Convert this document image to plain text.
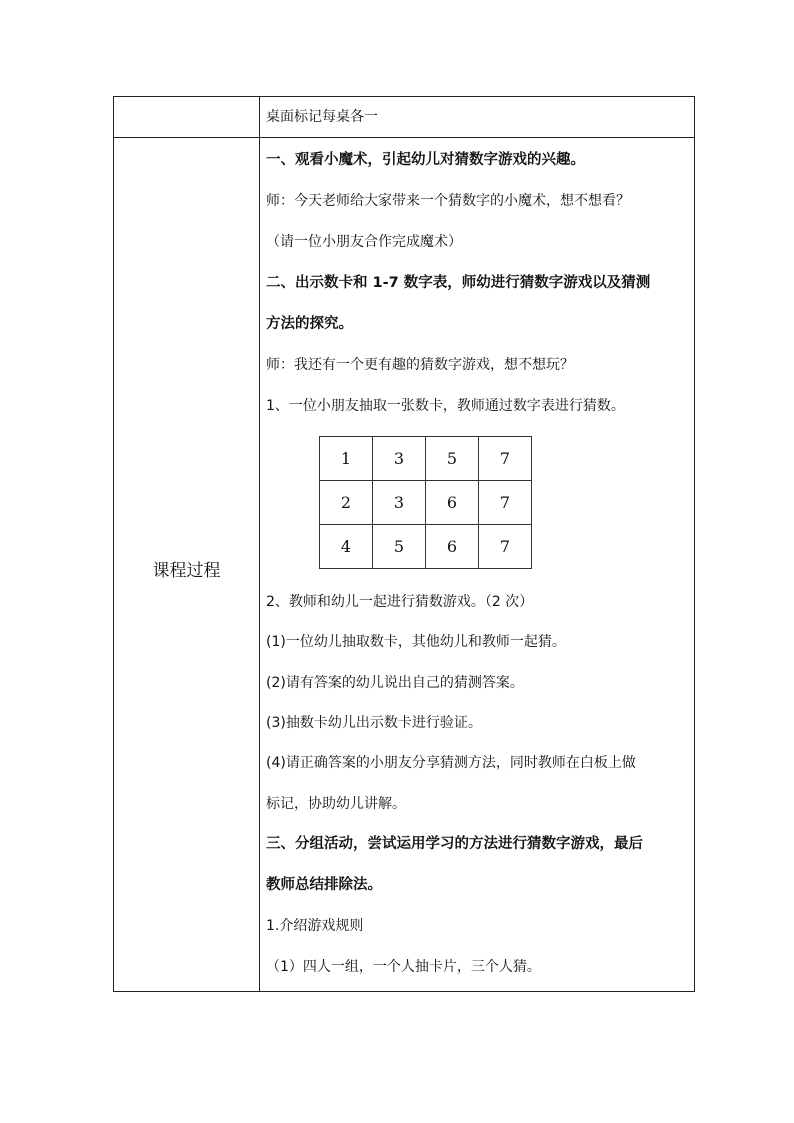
桌面标记每桌各一
课程过程
一、观看小魔术，引起幼儿对猜数字游戏的兴趣。
师：今天老师给大家带来一个猜数字的小魔术，想不想看？
（请一位小朋友合作完成魔术）
二、出示数卡和 1-7 数字表，师幼进行猜数字游戏以及猜测
方法的探究。
师：我还有一个更有趣的猜数字游戏，想不想玩？
1、一位小朋友抽取一张数卡，教师通过数字表进行猜数。
2、教师和幼儿一起进行猜数游戏。（2 次）
(1)一位幼儿抽取数卡，其他幼儿和教师一起猜。
(2)请有答案的幼儿说出自己的猜测答案。
(3)抽数卡幼儿出示数卡进行验证。
(4)请正确答案的小朋友分享猜测方法，同时教师在白板上做
标记，协助幼儿讲解。
三、分组活动，尝试运用学习的方法进行猜数字游戏，最后
教师总结排除法。
1.介绍游戏规则
（1）四人一组，一个人抽卡片，三个人猜。
1	3	5	7
2	3	6	7
4	5	6	7
